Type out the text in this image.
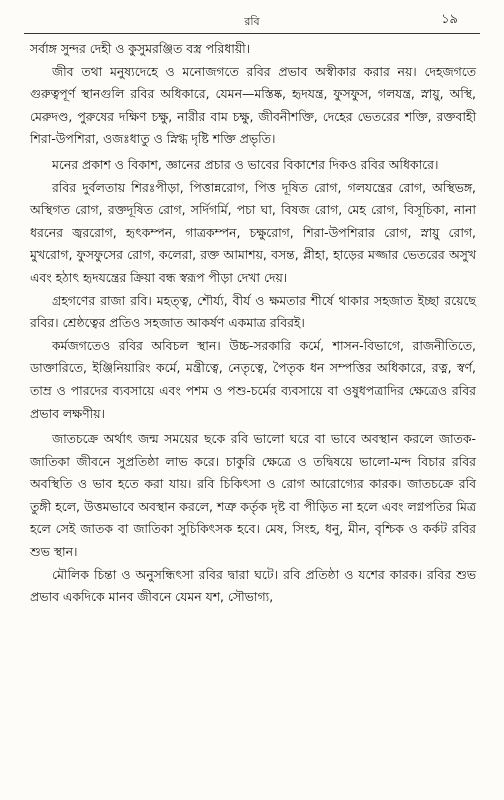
রবি	১৯

সর্বাঙ্গ সুন্দর দেহী ও কুসুমরঞ্জিত বস্ত্র পরিধায়ী।

জীব তথা মনুষ্যদেহে ও মনোজগতে রবির প্রভাব অস্বীকার করার নয়। দেহজগতে গুরুত্বপূর্ণ স্থানগুলি রবির অধিকারে, যেমন—মস্তিষ্ক, হৃদযন্ত্র, ফুসফুস, গলযন্ত্র, স্নায়ু, অস্থি, মেরুদণ্ড, পুরুষের দক্ষিণ চক্ষু, নারীর বাম চক্ষু, জীবনীশক্তি, দেহের ভেতরের শক্তি, রক্তবাহী শিরা-উপশিরা, ওজঃধাতু ও স্নিগ্ধ দৃষ্টি শক্তি প্রভৃতি।

মনের প্রকাশ ও বিকাশ, জ্ঞানের প্রচার ও ভাবের বিকাশের দিকও রবির অধিকারে।

রবির দুর্বলতায় শিরঃপীড়া, পিত্তান্নরোগ, পিত্ত দূষিত রোগ, গলযন্ত্রের রোগ, অস্থিভঙ্গ, অস্থিগত রোগ, রক্তদূষিত রোগ, সর্দিগর্মি, পচা ঘা, বিষজ রোগ, মেহ রোগ, বিসূচিকা, নানা ধরনের জ্বররোগ, হৃৎকম্পন, গাত্রকম্পন, চক্ষুরোগ, শিরা-উপশিরার রোগ, স্নায়ু রোগ, মুখরোগ, ফুসফুসের রোগ, কলেরা, রক্ত আমাশয়, বসন্ত, প্লীহা, হাড়ের মজ্জার ভেতরের অসুখ এবং হঠাৎ হৃদযন্ত্রের ক্রিয়া বন্ধ স্বরূপ পীড়া দেখা দেয়।

গ্রহগণের রাজা রবি। মহত্ত্ব, শৌর্য্য, বীর্য ও ক্ষমতার শীর্ষে থাকার সহজাত ইচ্ছা রয়েছে রবির। শ্রেষ্ঠত্বের প্রতিও সহজাত আকর্ষণ একমাত্র রবিরই।

কর্মজগতেও রবির অবিচল স্থান। উচ্চ-সরকারি কর্মে, শাসন-বিভাগে, রাজনীতিতে, ডাক্তারিতে, ইঞ্জিনিয়ারিং কর্মে, মন্ত্রীত্বে, নেতৃত্বে, পৈতৃক ধন সম্পত্তির অধিকারে, রত্ন, স্বর্ণ, তাম্র ও পারদের ব্যবসায়ে এবং পশম ও পশু-চর্মের ব্যবসায়ে বা ওষুধপত্রাদির ক্ষেত্রেও রবির প্রভাব লক্ষণীয়।

জাতচক্রে অর্থাৎ জন্ম সময়ের ছকে রবি ভালো ঘরে বা ভাবে অবস্থান করলে জাতক-জাতিকা জীবনে সুপ্রতিষ্ঠা লাভ করে। চাকুরি ক্ষেত্রে ও তদ্বিষয়ে ভালো-মন্দ বিচার রবির অবস্থিতি ও ভাব হতে করা যায়। রবি চিকিৎসা ও রোগ আরোগ্যের কারক। জাতচক্রে রবি তুঙ্গী হলে, উত্তমভাবে অবস্থান করলে, শত্রু কর্তৃক দৃষ্ট বা পীড়িত না হলে এবং লগ্নপতির মিত্র হলে সেই জাতক বা জাতিকা সুচিকিৎসক হবে। মেষ, সিংহ, ধনু, মীন, বৃশ্চিক ও কর্কট রবির শুভ স্থান।

মৌলিক চিন্তা ও অনুসন্ধিৎসা রবির দ্বারা ঘটে। রবি প্রতিষ্ঠা ও যশের কারক। রবির শুভ প্রভাব একদিকে মানব জীবনে যেমন যশ, সৌভাগ্য,
